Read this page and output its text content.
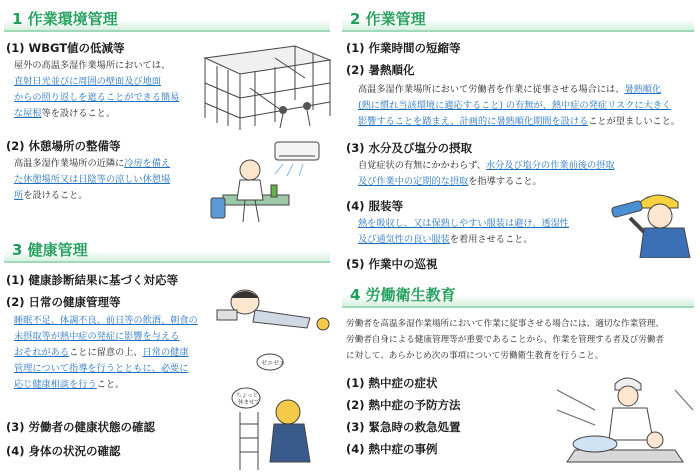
1 作業環境管理
(1) WBGT値の低減等
屋外の高温多湿作業場所においては、
直射日光並びに周囲の壁面及び地面
からの照り返しを遮ることができる簡易
な屋根等を設けること。
(2) 休憩場所の整備等
高温多湿作業場所の近隣に冷房を備え
た休憩場所又は日陰等の涼しい休憩場
所を設けること。
3 健康管理
(1) 健康診断結果に基づく対応等
(2) 日常の健康管理等
睡眠不足、体調不良、前日等の飲酒、朝食の
未摂取等が熱中症の発症に影響を与える
おそれがあることに留意の上、日常の健康
管理について指導を行うとともに、必要に
応じ健康相談を行うこと。
ゼエゼエ
ちょっと
休ませて
(3) 労働者の健康状態の確認
(4) 身体の状況の確認
2 作業管理
(1) 作業時間の短縮等
(2) 暑熱順化
高温多湿作業場所において労働者を作業に従事させる場合には、暑熱順化
(熱に慣れ当該環境に適応すること) の有無が、熱中症の発症リスクに大きく
影響することを踏まえ、計画的に暑熱順化期間を設けることが望ましいこと。
(3) 水分及び塩分の摂取
自覚症状の有無にかかわらず、水分及び塩分の作業前後の摂取
及び作業中の定期的な摂取を指導すること。
(4) 服装等
熱を吸収し、又は保熱しやすい服装は避け、透湿性
及び通気性の良い服装を着用させること。
(5) 作業中の巡視
4 労働衛生教育
労働者を高温多湿作業場所において作業に従事させる場合には、適切な作業管理、
労働者自身による健康管理等が重要であることから、作業を管理する者及び労働者
に対して、あらかじめ次の事項について労働衛生教育を行うこと。
(1) 熱中症の症状
(2) 熱中症の予防方法
(3) 緊急時の救急処置
(4) 熱中症の事例
